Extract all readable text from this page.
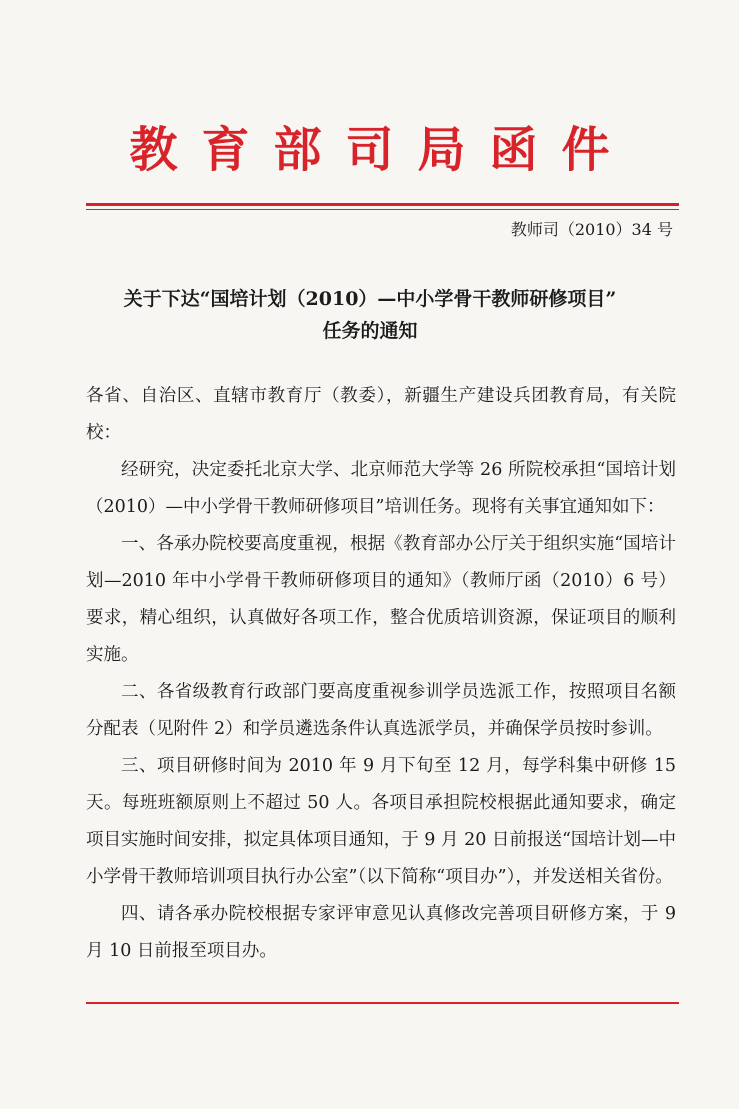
教育部司局函件
教师司（2010）34 号
关于下达“国培计划（2010）—中小学骨干教师研修项目”
任务的通知

各省、自治区、直辖市教育厅（教委），新疆生产建设兵团教育局，有关院校：

经研究，决定委托北京大学、北京师范大学等 26 所院校承担“国培计划（2010）—中小学骨干教师研修项目”培训任务。现将有关事宜通知如下：

一、各承办院校要高度重视，根据《教育部办公厅关于组织实施“国培计划—2010 年中小学骨干教师研修项目的通知》（教师厅函（2010）6 号）要求，精心组织，认真做好各项工作，整合优质培训资源，保证项目的顺利实施。

二、各省级教育行政部门要高度重视参训学员选派工作，按照项目名额分配表（见附件 2）和学员遴选条件认真选派学员，并确保学员按时参训。

三、项目研修时间为 2010 年 9 月下旬至 12 月，每学科集中研修 15 天。每班班额原则上不超过 50 人。各项目承担院校根据此通知要求，确定项目实施时间安排，拟定具体项目通知，于 9 月 20 日前报送“国培计划—中小学骨干教师培训项目执行办公室”（以下简称“项目办”），并发送相关省份。

四、请各承办院校根据专家评审意见认真修改完善项目研修方案，于 9 月 10 日前报至项目办。
